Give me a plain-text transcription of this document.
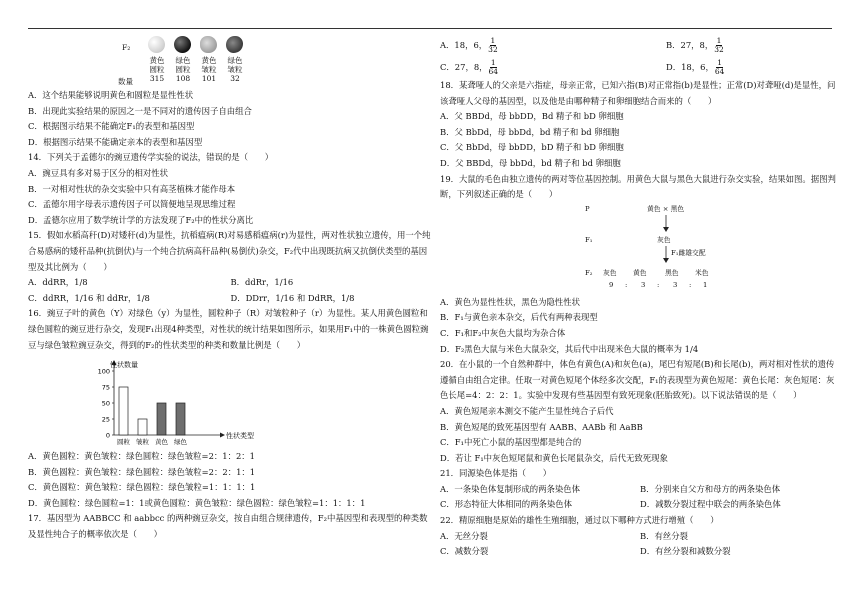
F₂
数量
黄色
圆粒
315
绿色
圆粒
108
黄色
皱粒
101
绿色
皱粒
32
A．这个结果能够说明黄色和圆粒是显性性状
B．出现此实验结果的原因之一是不同对的遗传因子自由组合
C．根据图示结果不能确定F₁的表型和基因型
D．根据图示结果不能确定亲本的表型和基因型
14．下列关于孟德尔的豌豆遗传学实验的说法，错误的是（　　）
A．豌豆具有多对易于区分的相对性状
B．一对相对性状的杂交实验中只有高茎植株才能作母本
C．孟德尔用字母表示遗传因子可以简便地呈现思维过程
D．孟德尔应用了数学统计学的方法发现了F₂中的性状分离比
15．假如水稻高秆(D)对矮秆(d)为显性，抗稻瘟病(R)对易感稻瘟病(r)为显性，两对性状独立遗传，用一个纯合易感病的矮秆品种(抗倒伏)与一个纯合抗病高秆品种(易倒伏)杂交，F₂代中出现既抗病又抗倒伏类型的基因型及其比例为（　　）
A．ddRR，1/8	B．ddRr，1/16
C．ddRR，1/16 和 ddRr，1/8	D．DDrr，1/16 和 DdRR，1/8
16．豌豆子叶的黄色（Y）对绿色（y）为显性，圆粒种子（R）对皱粒种子（r）为显性。某人用黄色圆粒和绿色圆粒的豌豆进行杂交，发现F₁出现4种类型，对性状的统计结果如图所示，如果用F₁中的一株黄色圆粒豌豆与绿色皱粒豌豆杂交，得到的F₂的性状类型的种类和数量比例是（　　）
性状数量
性状类型
0
25
50
75
100
圆粒 皱粒 黄色 绿色
A．黄色圆粒：黄色皱粒：绿色圆粒：绿色皱粒=2：1：2：1
B．黄色圆粒：黄色皱粒：绿色圆粒：绿色皱粒=2：2：1：1
C．黄色圆粒：黄色皱粒：绿色圆粒：绿色皱粒=1：1：1：1
D．黄色圆粒：绿色圆粒=1：1或黄色圆粒：黄色皱粒：绿色圆粒：绿色皱粒=1：1：1：1
17．基因型为 AABBCC 和 aabbcc 的两种豌豆杂交，按自由组合规律遗传，F₂中基因型和表现型的种类数及显性纯合子的概率依次是（　　）
A．18，6， $\frac{1}{32}$	B．27，8， $\frac{1}{32}$
C．27，8， $\frac{1}{64}$	D．18，6， $\frac{1}{64}$
18．某聋哑人的父亲是六指症，母亲正常，已知六指(B)对正常指(b)是显性；正常(D)对聋哑(d)是显性，问该聋哑人父母的基因型，以及他是由哪种精子和卵细胞结合而来的（　　）
A．父 BBDd，母 bbDD，Bd 精子和 bD 卵细胞
B．父 BbDd，母 bbDd，bd 精子和 bd 卵细胞
C．父 BbDd，母 bbDD，bD 精子和 bD 卵细胞
D．父 BBDd，母 bbDd，bd 精子和 bd 卵细胞
19．大鼠的毛色由独立遗传的两对等位基因控制。用黄色大鼠与黑色大鼠进行杂交实验，结果如图。据图判断，下列叙述正确的是（　　）
P	黄色 × 黑色
F₁	灰色
F₁雌雄交配
F₂ 灰色 黄色	黑色 米色
9 : 3 : 3 : 1
A．黄色为显性性状，黑色为隐性性状
B．F₁与黄色亲本杂交，后代有两种表现型
C．F₁和F₂中灰色大鼠均为杂合体
D．F₂黑色大鼠与米色大鼠杂交，其后代中出现米色大鼠的概率为 1/4
20．在小鼠的一个自然种群中，体色有黄色(A)和灰色(a)，尾巴有短尾(B)和长尾(b)，两对相对性状的遗传遵循自由组合定律。任取一对黄色短尾个体经多次交配，F₁的表现型为黄色短尾：黄色长尾：灰色短尾：灰色长尾=4：2：2：1。实验中发现有些基因型有致死现象(胚胎致死)。以下说法错误的是（　　）
A．黄色短尾亲本测交不能产生显性纯合子后代
B．黄色短尾的致死基因型有 AABB、AABb 和 AaBB
C．F₁中死亡小鼠的基因型都是纯合的
D．若让 F₁中灰色短尾鼠和黄色长尾鼠杂交，后代无致死现象
21．同源染色体是指（　　）
A．一条染色体复制形成的两条染色体	B．分别来自父方和母方的两条染色体
C．形态特征大体相同的两条染色体	D．减数分裂过程中联会的两条染色体
22．精原细胞是原始的雄性生殖细胞，通过以下哪种方式进行增殖（　　）
A．无丝分裂	B．有丝分裂
C．减数分裂	D．有丝分裂和减数分裂
